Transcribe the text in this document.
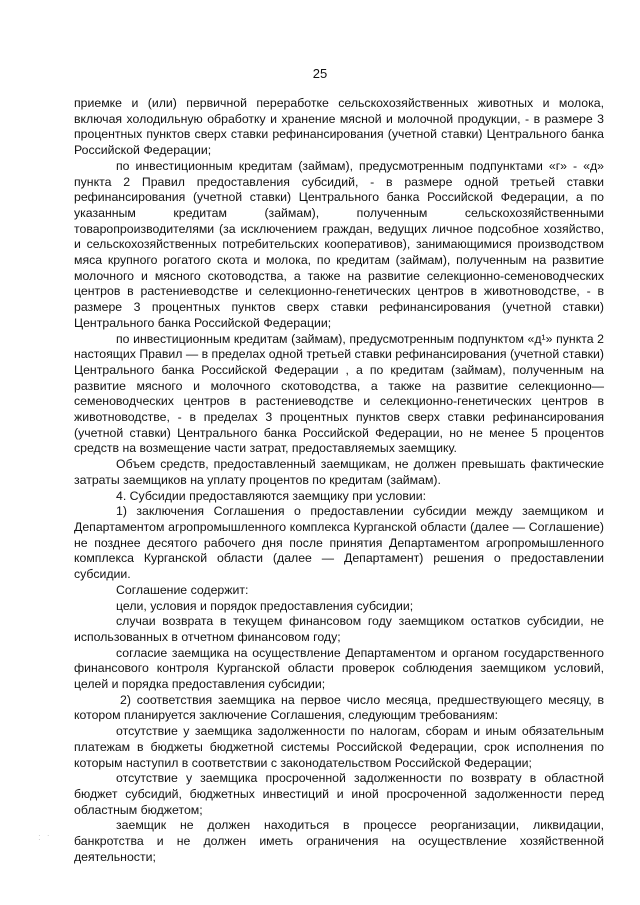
25

приемке и (или) первичной переработке сельскохозяйственных животных и молока, включая холодильную обработку и хранение мясной и молочной продукции, - в размере 3 процентных пунктов сверх ставки рефинансирования (учетной ставки) Центрального банка Российской Федерации;

по инвестиционным кредитам (займам), предусмотренным подпунктами «г» - «д» пункта 2 Правил предоставления субсидий, - в размере одной третьей ставки рефинансирования (учетной ставки) Центрального банка Российской Федерации, а по указанным кредитам (займам), полученным сельскохозяйственными товаропроизводителями (за исключением граждан, ведущих личное подсобное хозяйство, и сельскохозяйственных потребительских кооперативов), занимающимися производством мяса крупного рогатого скота и молока, по кредитам (займам), полученным на развитие молочного и мясного скотоводства, а также на развитие селекционно-семеноводческих центров в растениеводстве и селекционно-генетических центров в животноводстве, - в размере 3 процентных пунктов сверх ставки рефинансирования (учетной ставки) Центрального банка Российской Федерации;

по инвестиционным кредитам (займам), предусмотренным подпунктом «д¹» пункта 2 настоящих Правил — в пределах одной третьей ставки рефинансирования (учетной ставки) Центрального банка Российской Федерации , а по кредитам (займам), полученным на развитие мясного и молочного скотоводства, а также на развитие селекционно—семеноводческих центров в растениеводстве и селекционно-генетических центров в животноводстве, - в пределах 3 процентных пунктов сверх ставки рефинансирования (учетной ставки) Центрального банка Российской Федерации, но не менее 5 процентов средств на возмещение части затрат, предоставляемых заемщику.

Объем средств, предоставленный заемщикам, не должен превышать фактические затраты заемщиков на уплату процентов по кредитам (займам).

4. Субсидии предоставляются заемщику при условии:

1) заключения Соглашения о предоставлении субсидии между заемщиком и Департаментом агропромышленного комплекса Курганской области (далее — Соглашение) не позднее десятого рабочего дня после принятия Департаментом агропромышленного комплекса Курганской области (далее — Департамент) решения о предоставлении субсидии.

Соглашение содержит:

цели, условия и порядок предоставления субсидии;

случаи возврата в текущем финансовом году заемщиком остатков субсидии, не использованных в отчетном финансовом году;

согласие заемщика на осуществление Департаментом и органом государственного финансового контроля Курганской области проверок соблюдения заемщиком условий, целей и порядка предоставления субсидии;

2) соответствия заемщика на первое число месяца, предшествующего месяцу, в котором планируется заключение Соглашения, следующим требованиям:

отсутствие у заемщика задолженности по налогам, сборам и иным обязательным платежам в бюджеты бюджетной системы Российской Федерации, срок исполнения по которым наступил в соответствии с законодательством Российской Федерации;

отсутствие у заемщика просроченной задолженности по возврату в областной бюджет субсидий, бюджетных инвестиций и иной просроченной задолженности перед областным бюджетом;

заемщик не должен находиться в процессе реорганизации, ликвидации, банкротства и не должен иметь ограничения на осуществление хозяйственной деятельности;

· · ·
